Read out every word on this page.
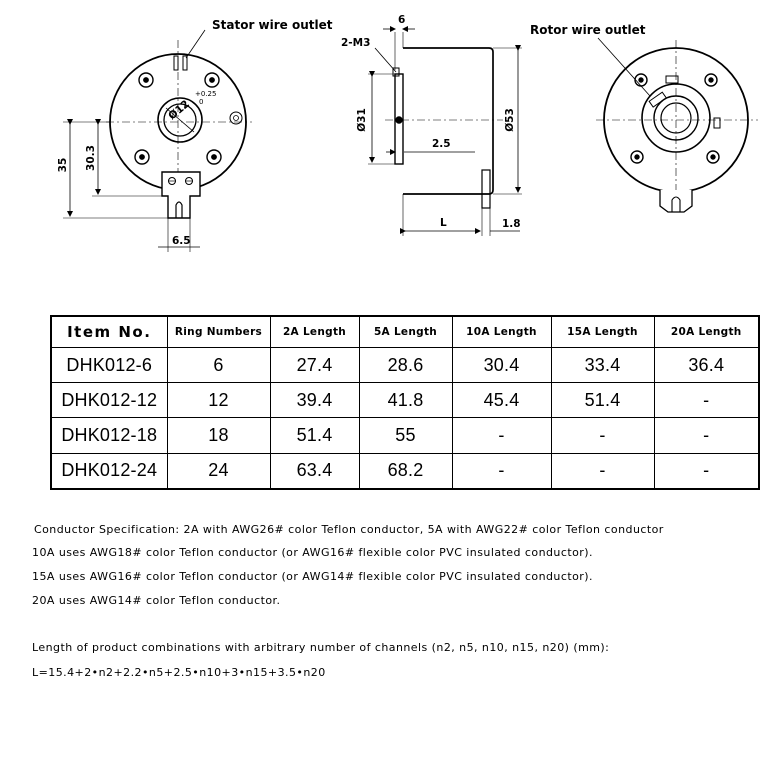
Stator wire outlet
35 30.3
6.5
Ø12
+0.25
0
6
2-M3
Ø31	Ø53
2.5
L	1.8
Rotor wire outlet
Item No.	Ring Numbers	2A Length	5A Length	10A Length	15A Length	20A Length
DHK012-6	6	27.4	28.6	30.4	33.4	36.4
DHK012-12	12	39.4	41.8	45.4	51.4	-
DHK012-18	18	51.4	55	-	-	-
DHK012-24	24	63.4	68.2	-	-	-
Conductor Specification: 2A with AWG26# color Teflon conductor, 5A with AWG22# color Teflon conductor
10A uses AWG18# color Teflon conductor (or AWG16# flexible color PVC insulated conductor).
15A uses AWG16# color Teflon conductor (or AWG14# flexible color PVC insulated conductor).
20A uses AWG14# color Teflon conductor.
Length of product combinations with arbitrary number of channels (n2, n5, n10, n15, n20) (mm):
L=15.4+2•n2+2.2•n5+2.5•n10+3•n15+3.5•n20
